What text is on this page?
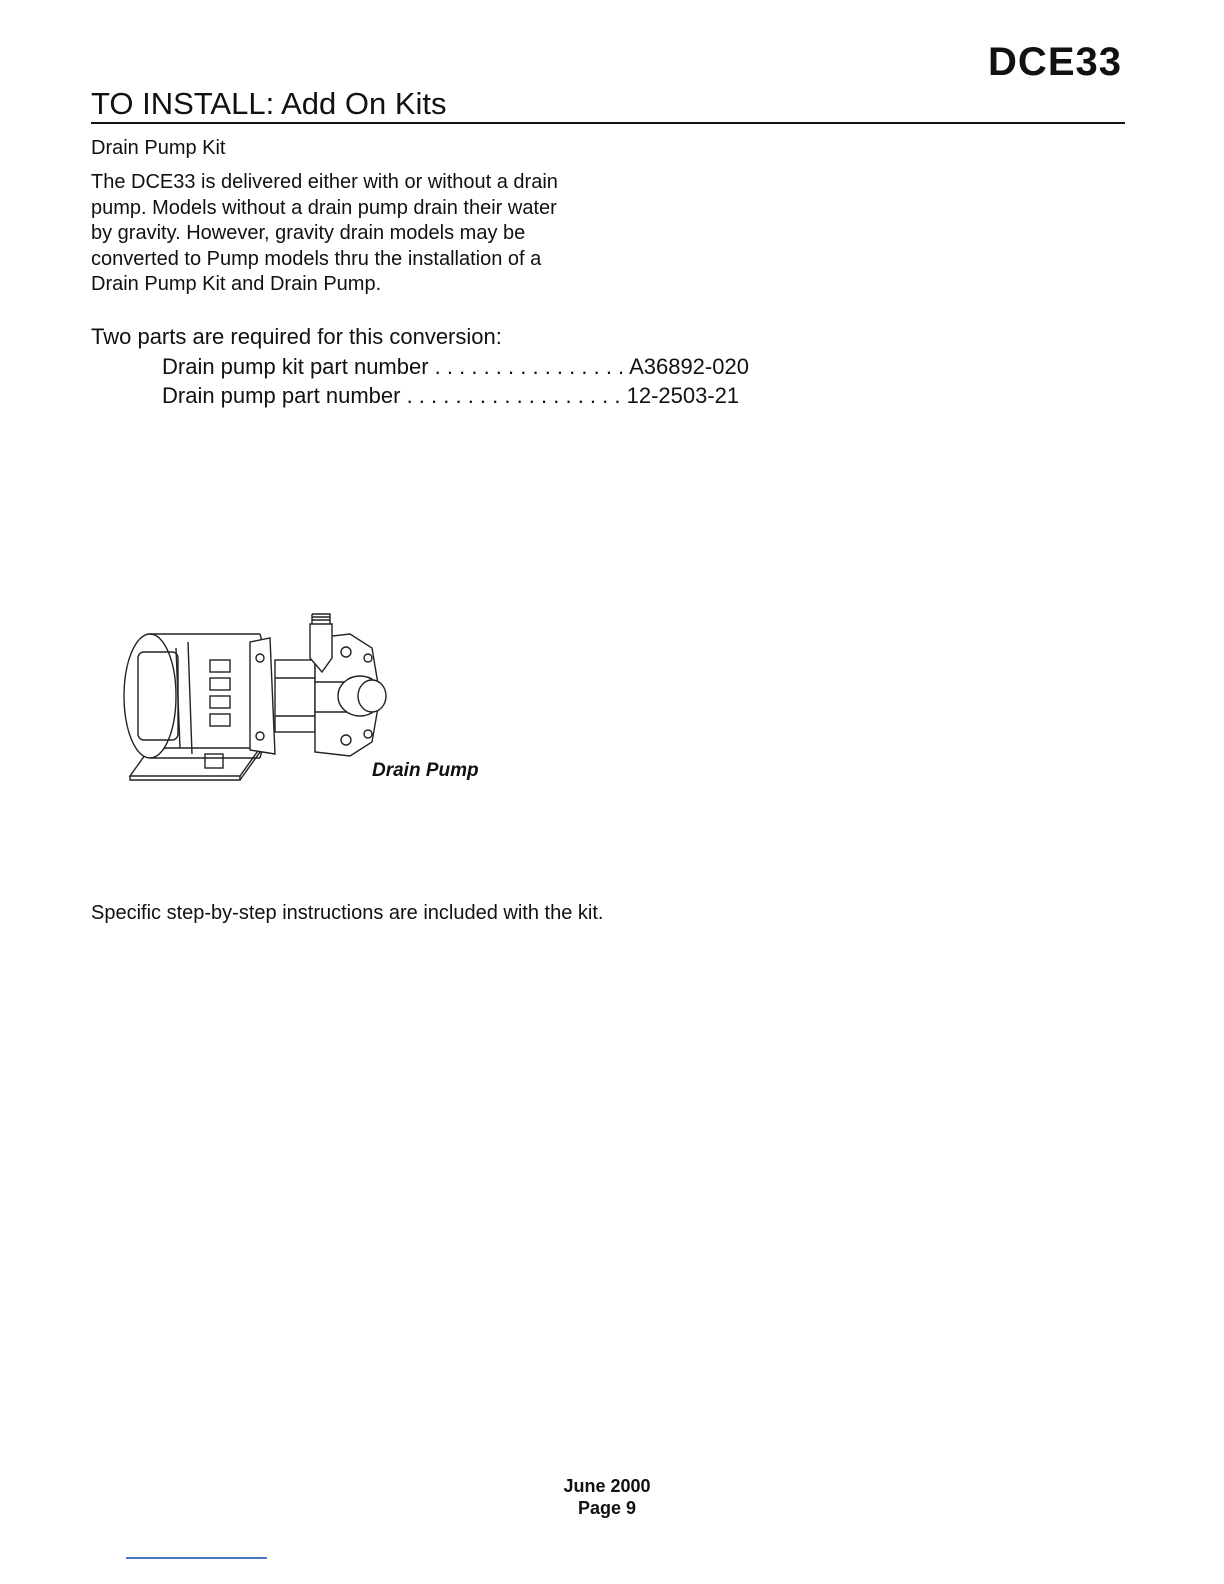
DCE33
TO INSTALL: Add On Kits
Drain Pump Kit
The DCE33 is delivered either with or without a drain pump. Models without a drain pump drain their water by gravity. However, gravity drain models may be converted to Pump models thru the installation of a Drain Pump Kit and Drain Pump.
Two parts are required for this conversion:
Drain pump kit part number . . . . . . . . . . . . . . . . A36892-020
Drain pump part number . . . . . . . . . . . . . . . . . . 12-2503-21
Drain Pump
Specific step-by-step instructions are included with the kit.
June 2000
Page 9
